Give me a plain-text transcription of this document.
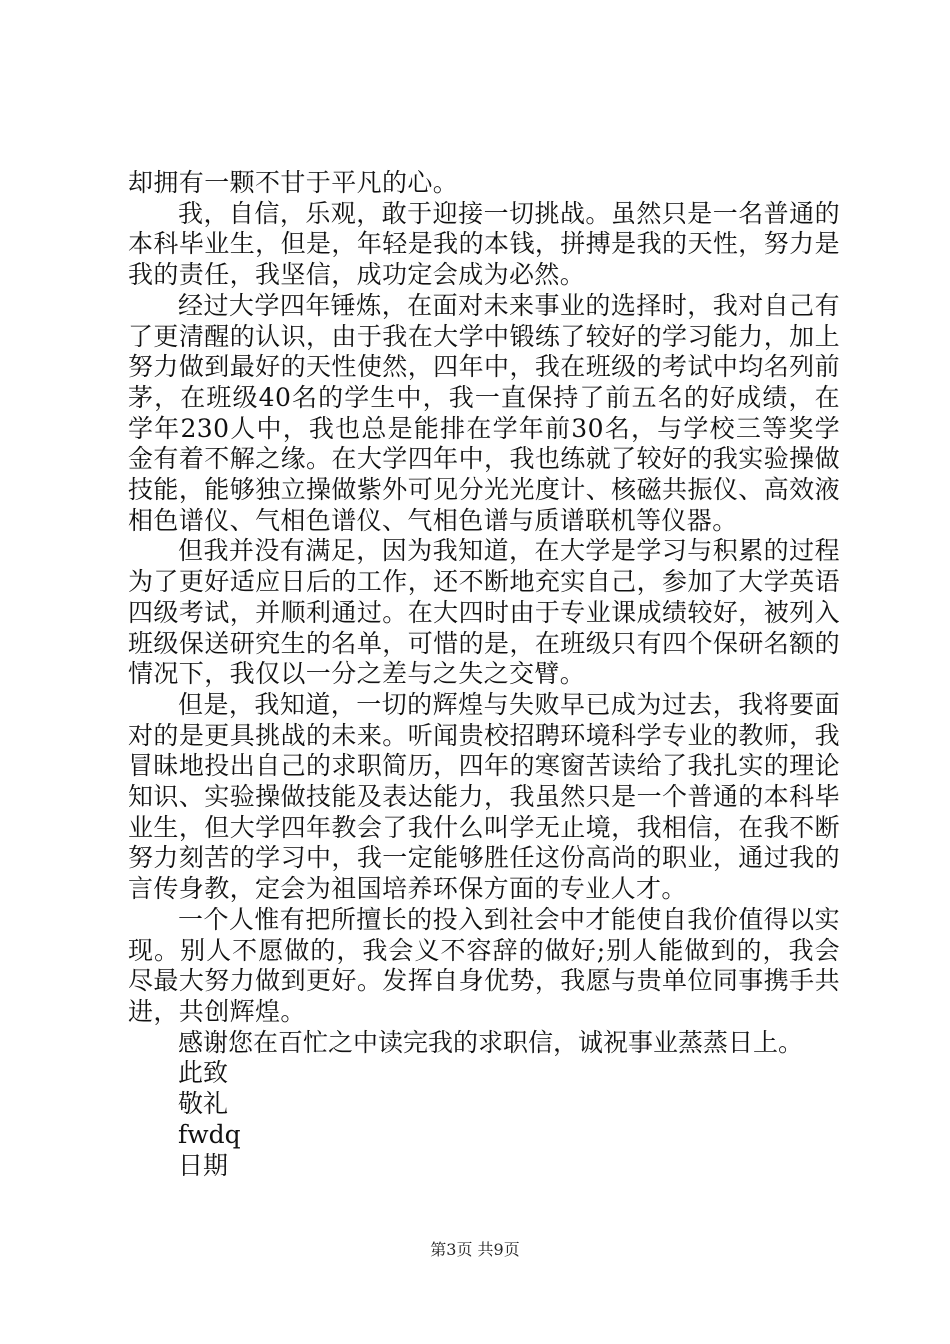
却拥有一颗不甘于平凡的心。

我，自信，乐观，敢于迎接一切挑战。虽然只是一名普通的本科毕业生，但是，年轻是我的本钱，拼搏是我的天性，努力是我的责任，我坚信，成功定会成为必然。

经过大学四年锤炼，在面对未来事业的选择时，我对自己有了更清醒的认识，由于我在大学中锻练了较好的学习能力，加上努力做到最好的天性使然，四年中，我在班级的考试中均名列前茅，在班级40名的学生中，我一直保持了前五名的好成绩，在学年230人中，我也总是能排在学年前30名，与学校三等奖学金有着不解之缘。在大学四年中，我也练就了较好的我实验操做技能，能够独立操做紫外可见分光光度计、核磁共振仪、高效液相色谱仪、气相色谱仪、气相色谱与质谱联机等仪器。

但我并没有满足，因为我知道，在大学是学习与积累的过程为了更好适应日后的工作，还不断地充实自己，参加了大学英语四级考试，并顺利通过。在大四时由于专业课成绩较好，被列入班级保送研究生的名单，可惜的是，在班级只有四个保研名额的情况下，我仅以一分之差与之失之交臂。

但是，我知道，一切的辉煌与失败早已成为过去，我将要面对的是更具挑战的未来。听闻贵校招聘环境科学专业的教师，我冒昧地投出自己的求职简历，四年的寒窗苦读给了我扎实的理论知识、实验操做技能及表达能力，我虽然只是一个普通的本科毕业生，但大学四年教会了我什么叫学无止境，我相信，在我不断努力刻苦的学习中，我一定能够胜任这份高尚的职业，通过我的言传身教，定会为祖国培养环保方面的专业人才。

一个人惟有把所擅长的投入到社会中才能使自我价值得以实现。别人不愿做的，我会义不容辞的做好;别人能做到的，我会尽最大努力做到更好。发挥自身优势，我愿与贵单位同事携手共进，共创辉煌。

感谢您在百忙之中读完我的求职信，诚祝事业蒸蒸日上。

此致

敬礼

fwdq

日期

第3页 共9页
